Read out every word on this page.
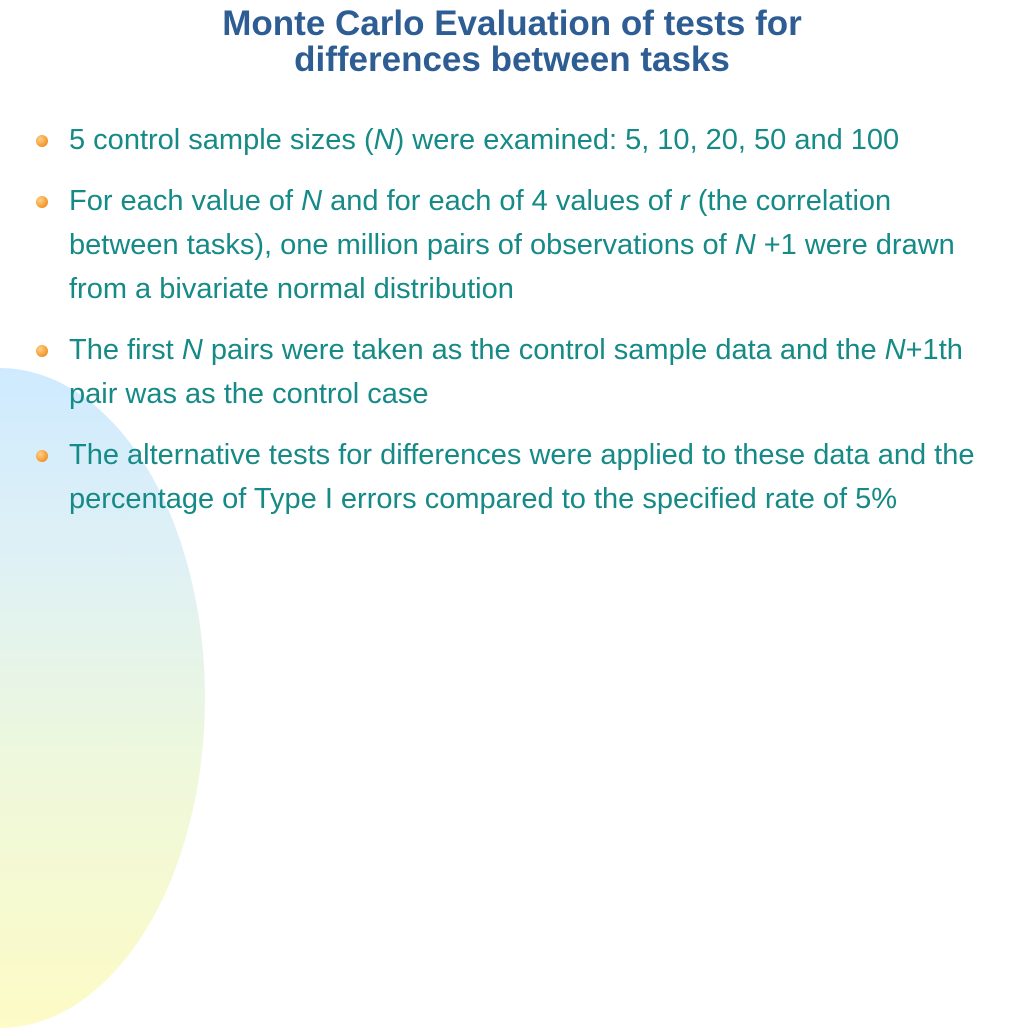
Monte Carlo Evaluation of tests for
differences between tasks
5 control sample sizes (N) were examined: 5, 10, 20, 50 and 100
For each value of N and for each of 4 values of r (the correlation between tasks), one million pairs of observations of N +1 were drawn from a bivariate normal distribution
The first N pairs were taken as the control sample data and the N+1th pair was as the control case
The alternative tests for differences were applied to these data and the percentage of Type I errors compared to the specified rate of 5%
